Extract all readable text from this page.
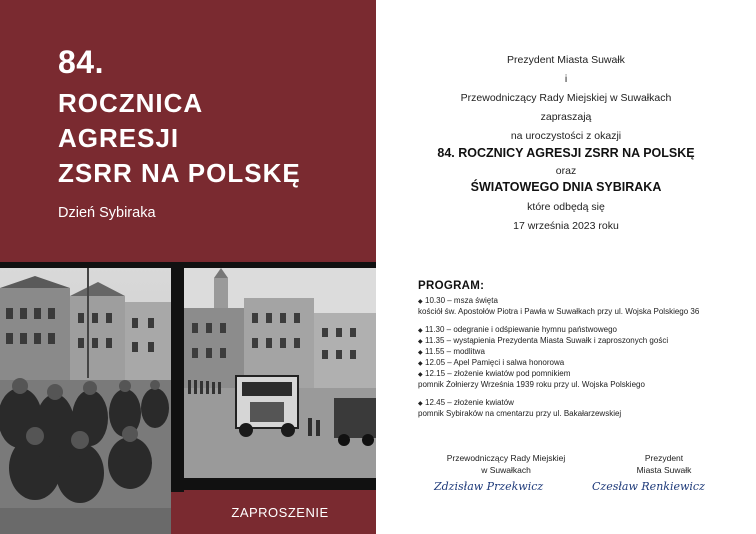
84.
ROCZNICA
AGRESJI
ZSRR NA POLSKĘ
Dzień Sybiraka
ZAPROSZENIE
Prezydent Miasta Suwałk
i
Przewodniczący Rady Miejskiej w Suwałkach
zapraszają
na uroczystości z okazji
84. ROCZNICY AGRESJI ZSRR NA POLSKĘ
oraz
ŚWIATOWEGO DNIA SYBIRAKA
które odbędą się
17 września 2023 roku
PROGRAM:
◆ 10.30 – msza święta
kościół św. Apostołów Piotra i Pawła w Suwałkach przy ul. Wojska Polskiego 36
◆ 11.30 – odegranie i odśpiewanie hymnu państwowego
◆ 11.35 – wystąpienia Prezydenta Miasta Suwałk i zaproszonych gości
◆ 11.55 – modlitwa
◆ 12.05 – Apel Pamięci i salwa honorowa
◆ 12.15 – złożenie kwiatów pod pomnikiem
pomnik Żołnierzy Września 1939 roku przy ul. Wojska Polskiego
◆ 12.45 – złożenie kwiatów
pomnik Sybiraków na cmentarzu przy ul. Bakałarzewskiej
Przewodniczący Rady Miejskiej
w Suwałkach
Zdzisław Przekwicz
Prezydent
Miasta Suwałk
Czesław Renkiewicz
